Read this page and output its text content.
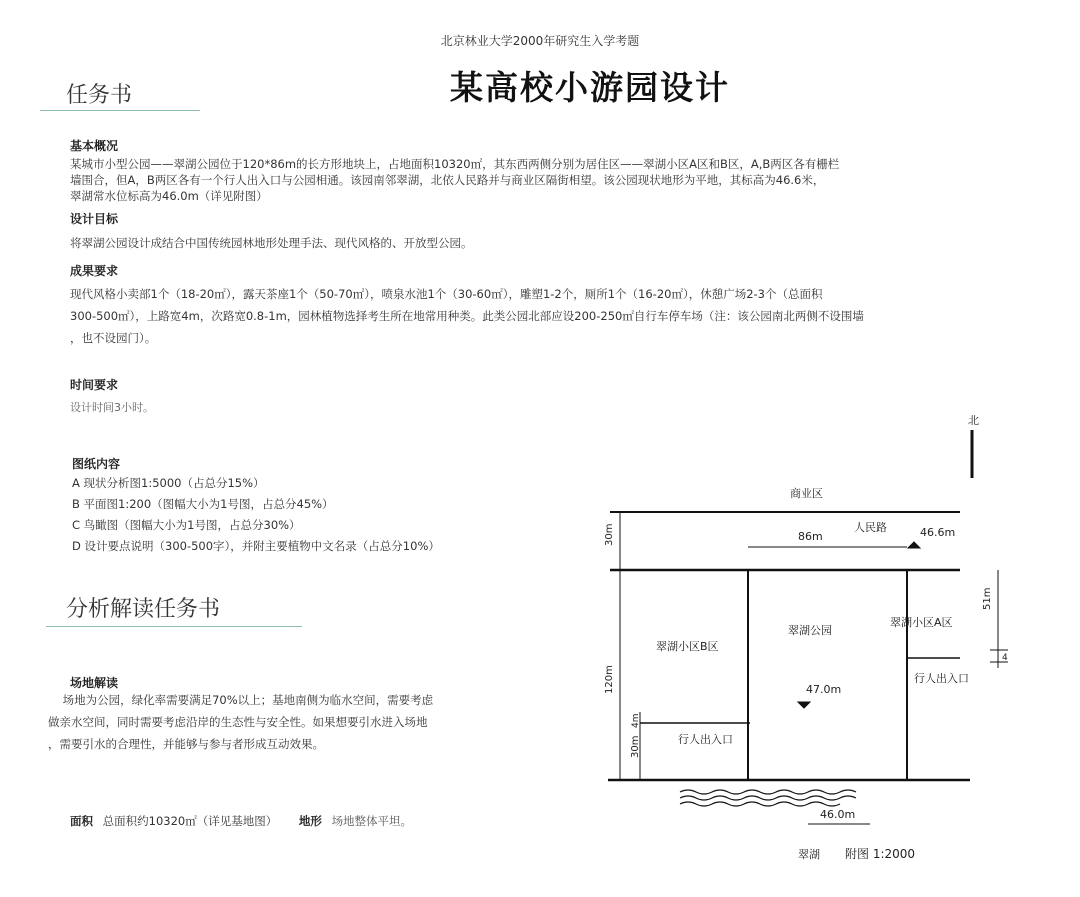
北京林业大学2000年研究生入学考题
某高校小游园设计
任务书
基本概况

某城市小型公园——翠湖公园位于120*86m的长方形地块上，占地面积10320㎡，其东西两侧分别为居住区——翠湖小区A区和B区，A,B两区各有栅栏

墙围合，但A，B两区各有一个行人出入口与公园相通。该园南邻翠湖，北依人民路并与商业区隔街相望。该公园现状地形为平地，其标高为46.6米，

翠湖常水位标高为46.0m（详见附图）

设计目标
将翠湖公园设计成结合中国传统园林地形处理手法、现代风格的、开放型公园。
成果要求

现代风格小卖部1个（18-20㎡），露天茶座1个（50-70㎡），喷泉水池1个（30-60㎡），雕塑1-2个，厕所1个（16-20㎡），休憩广场2-3个（总面积

300-500㎡），上路宽4m，次路宽0.8-1m，园林植物选择考生所在地常用种类。此类公园北部应设200-250㎡自行车停车场（注：该公园南北两侧不设围墙

，也不设园门）。

时间要求
设计时间3小时。
图纸内容

A 现状分析图1:5000（占总分15%）

B 平面图1:200（图幅大小为1号图，占总分45%）

C 鸟瞰图（图幅大小为1号图，占总分30%）

D 设计要点说明（300-500字），并附主要植物中文名录（占总分10%）

分析解读任务书
场地解读

场地为公园，绿化率需要满足70%以上；基地南侧为临水空间，需要考虑

做亲水空间，同时需要考虑沿岸的生态性与安全性。如果想要引水进入场地

，需要引水的合理性，并能够与参与者形成互动效果。

面积 总面积约10320㎡（详见基地图） 地形 场地整体平坦。
北
商业区
人民路	46.6m
86m
30m
120m
4m
30m
51m
4
翠湖公园
翠湖小区A区
翠湖小区B区
47.0m
行人出入口
行人出入口
46.0m
翠湖 附图 1:2000
